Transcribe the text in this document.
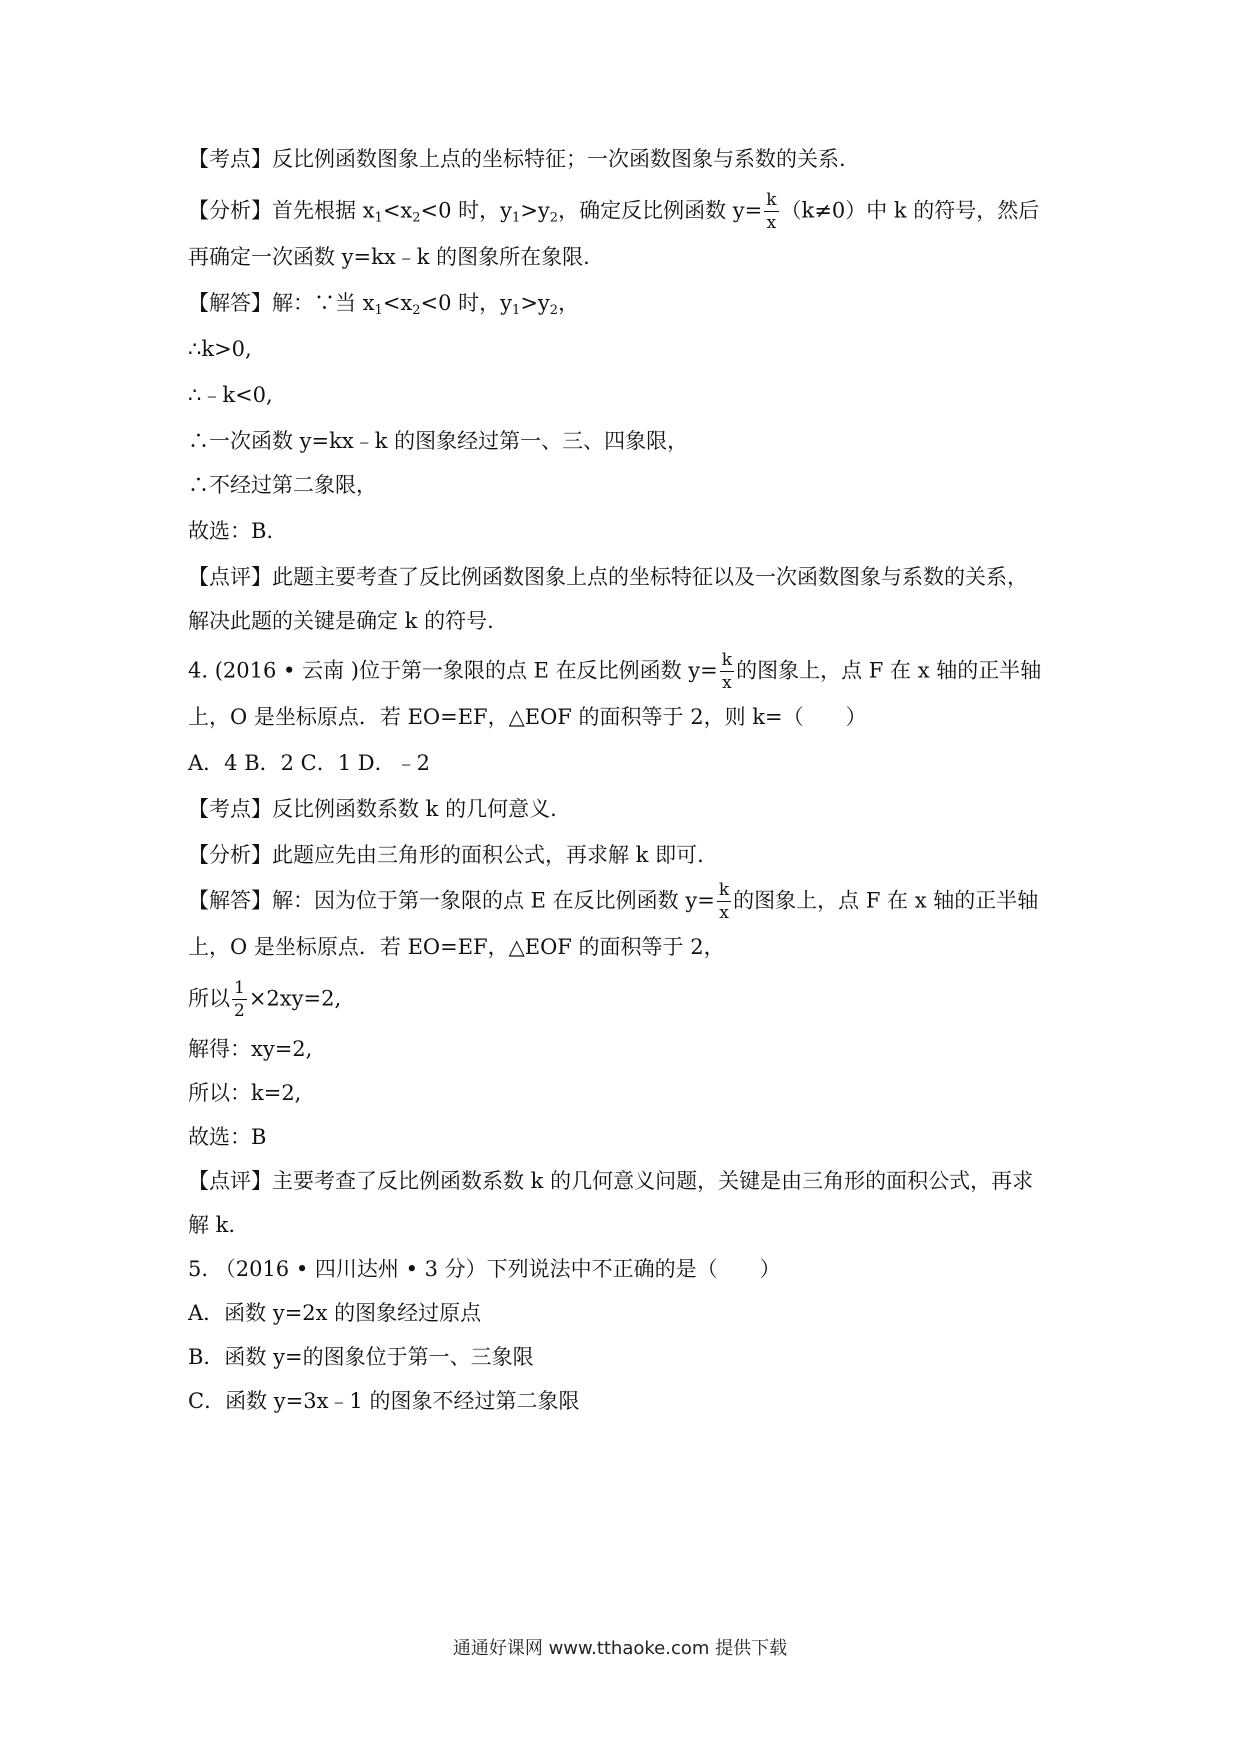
【考点】反比例函数图象上点的坐标特征；一次函数图象与系数的关系.
【分析】首先根据 $x_1<x_2<0$ 时，$y_1>y_2$，确定反比例函数 $y= \frac{k}{x} (k\ne 0)$中 k 的符号，然后
再确定一次函数 y=kx﹣k 的图象所在象限.
【解答】解：∵当 $x_1<x_2<0$ 时，$y_1>y_2$，
∴k>0,
∴﹣k<0,
∴一次函数 y=kx﹣k 的图象经过第一、三、四象限，
∴不经过第二象限，
故选：B.
【点评】此题主要考查了反比例函数图象上点的坐标特征以及一次函数图象与系数的关系，
解决此题的关键是确定 k 的符号.
4. (2016 • 云南 )位于第一象限的点 E 在反比例函数 $y= \frac{k}{x}$ 的图象上，点 F 在 x 轴的正半轴
上，O 是坐标原点．若 EO=EF，△EOF 的面积等于 2，则 k=（　　）
A．4 B．2 C．1 D．﹣2
【考点】反比例函数系数 k 的几何意义.
【分析】此题应先由三角形的面积公式，再求解 k 即可.
【解答】解：因为位于第一象限的点 E 在反比例函数 $y= \frac{k}{x}$ 的图象上，点 F 在 x 轴的正半轴
上，O 是坐标原点．若 EO=EF，△EOF 的面积等于 2，
所以 $\frac{1}{2} \times 2xy=2$,
解得：xy=2,
所以：k=2,
故选：B
【点评】主要考查了反比例函数系数 k 的几何意义问题，关键是由三角形的面积公式，再求
解 k.
5. （2016 • 四川达州 • 3 分）下列说法中不正确的是（　　）
A．函数 y=2x 的图象经过原点
B．函数 y=的图象位于第一、三象限
C．函数 y=3x﹣1 的图象不经过第二象限
通通好课网 www.tthaoke.com 提供下载
